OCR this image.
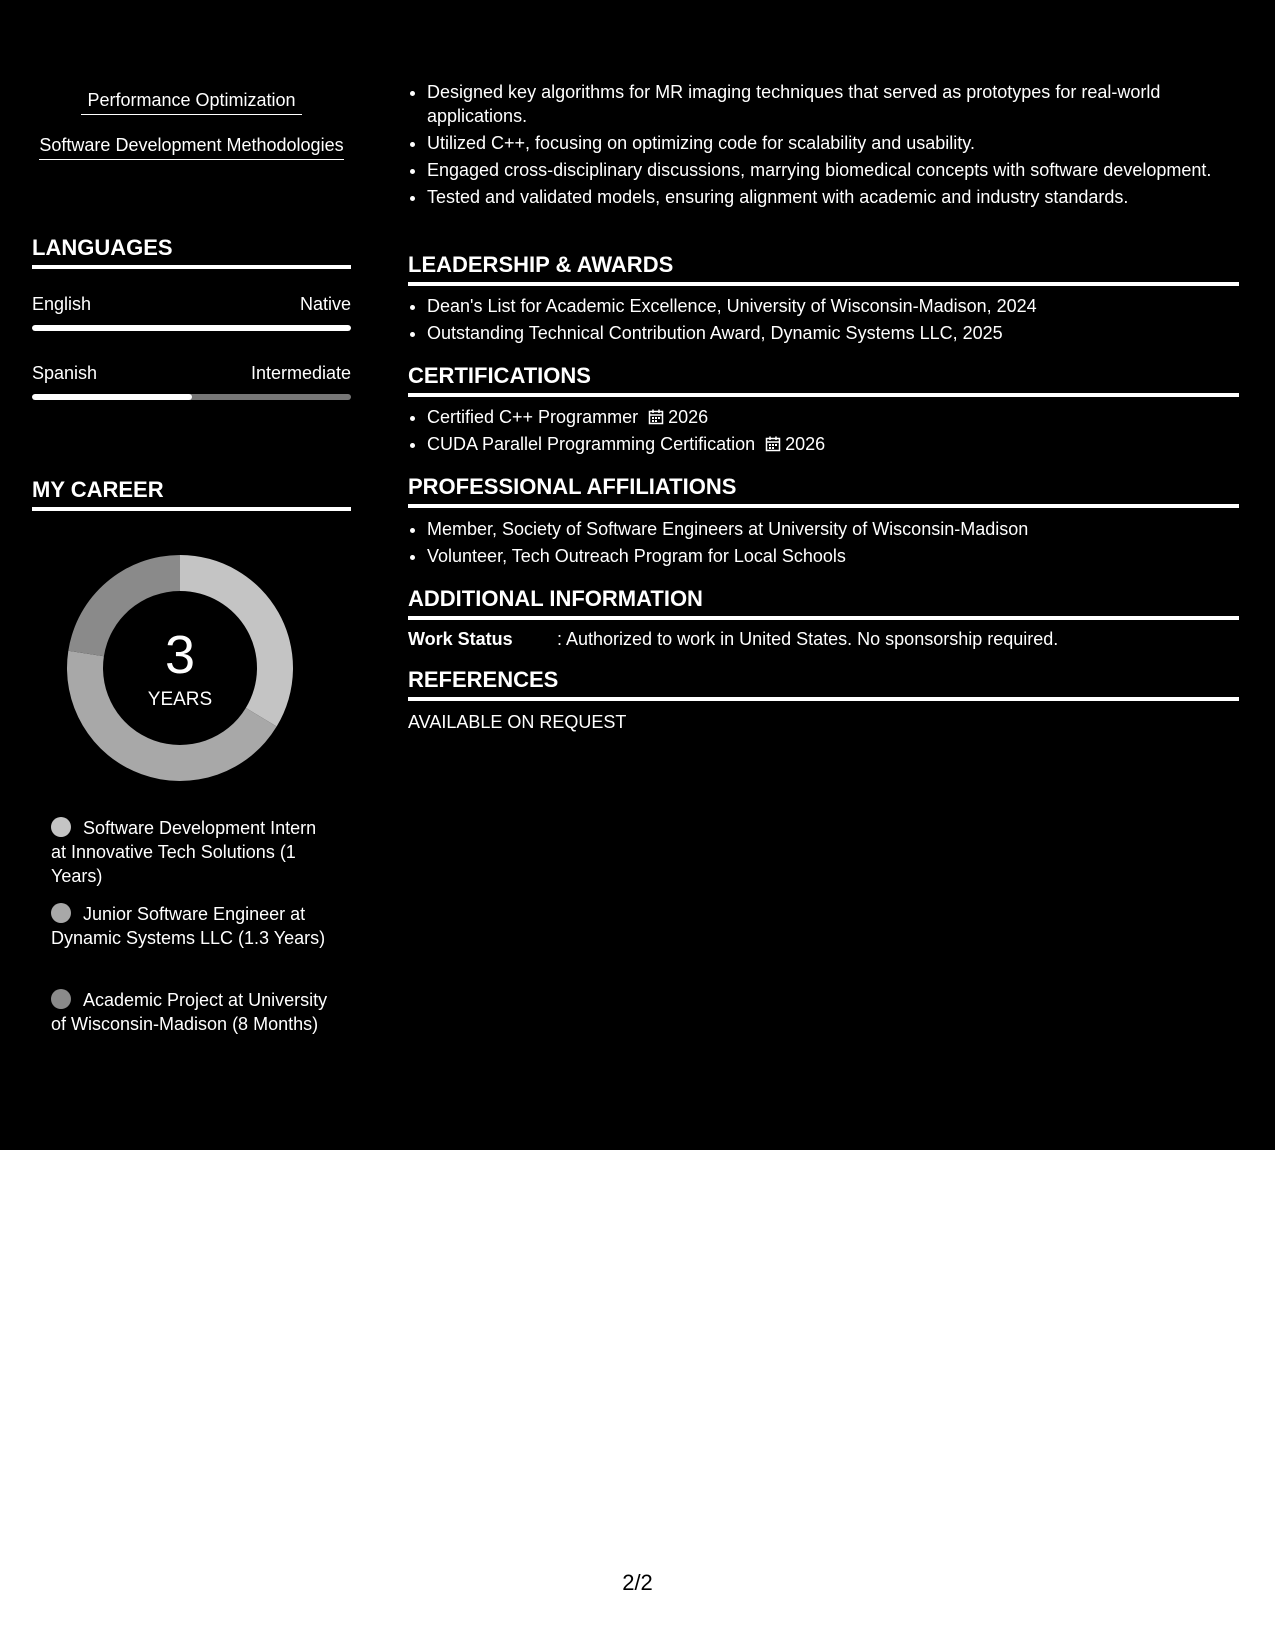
Performance Optimization
Software Development Methodologies
LANGUAGES
English	Native
Spanish	Intermediate
MY CAREER
3
YEARS
Software Development Intern at Innovative Tech Solutions (1 Years)
Junior Software Engineer at Dynamic Systems LLC (1.3 Years)
Academic Project at University of Wisconsin-Madison (8 Months)
• Designed key algorithms for MR imaging techniques that served as prototypes for real-world applications.
• Utilized C++, focusing on optimizing code for scalability and usability.
• Engaged cross-disciplinary discussions, marrying biomedical concepts with software development.
• Tested and validated models, ensuring alignment with academic and industry standards.
LEADERSHIP & AWARDS
• Dean's List for Academic Excellence, University of Wisconsin-Madison, 2024
• Outstanding Technical Contribution Award, Dynamic Systems LLC, 2025
CERTIFICATIONS
• Certified C++ Programmer 2026
• CUDA Parallel Programming Certification 2026
PROFESSIONAL AFFILIATIONS
• Member, Society of Software Engineers at University of Wisconsin-Madison
• Volunteer, Tech Outreach Program for Local Schools
ADDITIONAL INFORMATION
Work Status : Authorized to work in United States. No sponsorship required.
REFERENCES
AVAILABLE ON REQUEST
2/2
